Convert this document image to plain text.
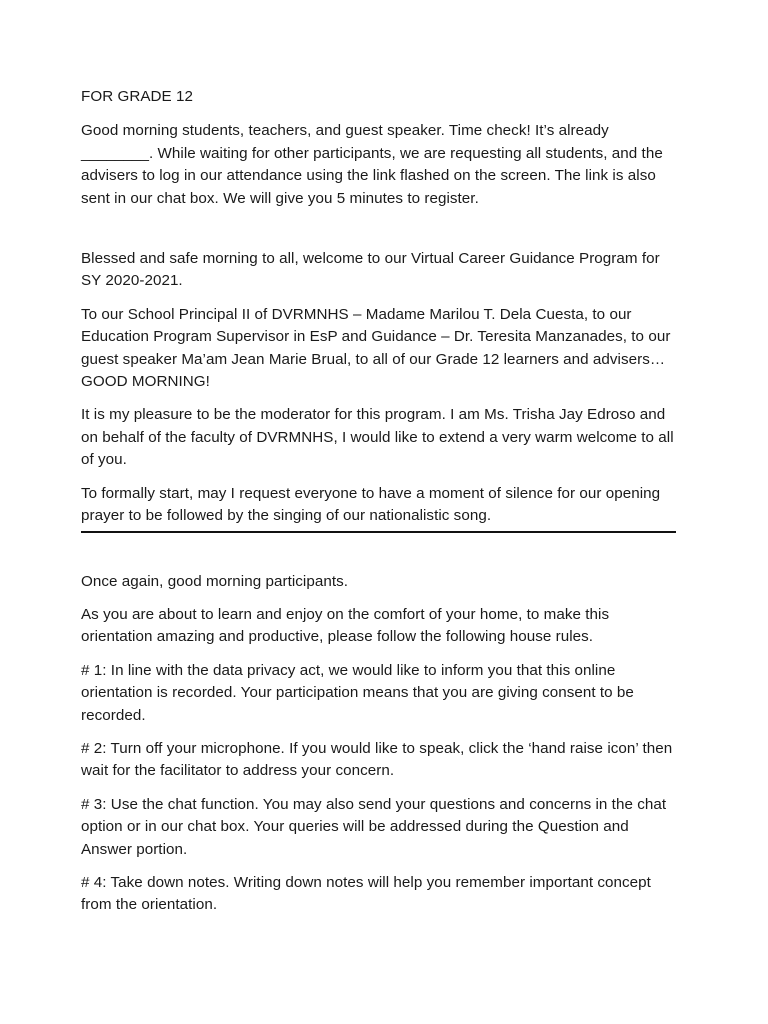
FOR GRADE 12

Good morning students, teachers, and guest speaker. Time check! It’s already ________. While waiting for other participants, we are requesting all students, and the advisers to log in our attendance using the link flashed on the screen. The link is also sent in our chat box. We will give you 5 minutes to register.

Blessed and safe morning to all, welcome to our Virtual Career Guidance Program for SY 2020-2021.

To our School Principal II of DVRMNHS – Madame Marilou T. Dela Cuesta, to our Education Program Supervisor in EsP and Guidance – Dr. Teresita Manzanades, to our guest speaker Ma’am Jean Marie Brual, to all of our Grade 12 learners and advisers… GOOD MORNING!

It is my pleasure to be the moderator for this program. I am Ms. Trisha Jay Edroso and on behalf of the faculty of DVRMNHS, I would like to extend a very warm welcome to all of you.

To formally start, may I request everyone to have a moment of silence for our opening prayer to be followed by the singing of our nationalistic song.

Once again, good morning participants.

As you are about to learn and enjoy on the comfort of your home, to make this orientation amazing and productive, please follow the following house rules.

# 1: In line with the data privacy act, we would like to inform you that this online orientation is recorded. Your participation means that you are giving consent to be recorded.

# 2: Turn off your microphone. If you would like to speak, click the ‘hand raise icon’ then wait for the facilitator to address your concern.

# 3: Use the chat function. You may also send your questions and concerns in the chat option or in our chat box. Your queries will be addressed during the Question and Answer portion.

# 4: Take down notes. Writing down notes will help you remember important concept from the orientation.
